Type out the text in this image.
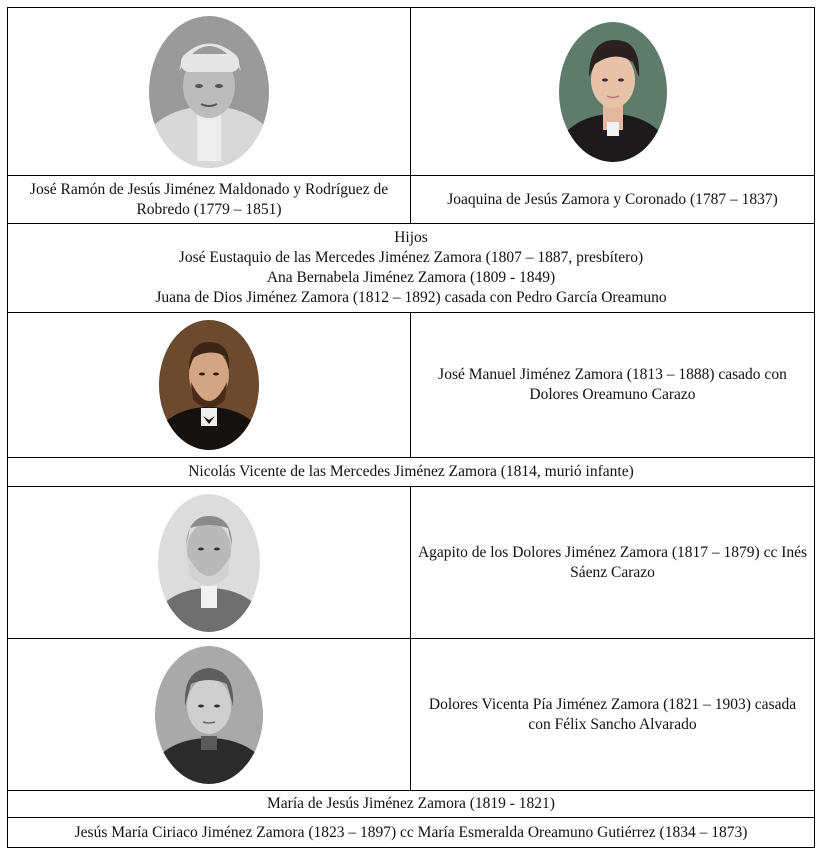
José Ramón de Jesús Jiménez Maldonado y Rodríguez de Robredo (1779 – 1851)
Joaquina de Jesús Zamora y Coronado (1787 – 1837)
Hijos
José Eustaquio de las Mercedes Jiménez Zamora (1807 – 1887, presbítero)
Ana Bernabela Jiménez Zamora (1809 - 1849)
Juana de Dios Jiménez Zamora (1812 – 1892) casada con Pedro García Oreamuno
José Manuel Jiménez Zamora (1813 – 1888) casado con Dolores Oreamuno Carazo
Nicolás Vicente de las Mercedes Jiménez Zamora (1814, murió infante)
Agapito de los Dolores Jiménez Zamora (1817 – 1879) cc Inés Sáenz Carazo
Dolores Vicenta Pía Jiménez Zamora (1821 – 1903) casada con Félix Sancho Alvarado
María de Jesús Jiménez Zamora (1819 - 1821)
Jesús María Ciriaco Jiménez Zamora (1823 – 1897) cc María Esmeralda Oreamuno Gutiérrez (1834 – 1873)
